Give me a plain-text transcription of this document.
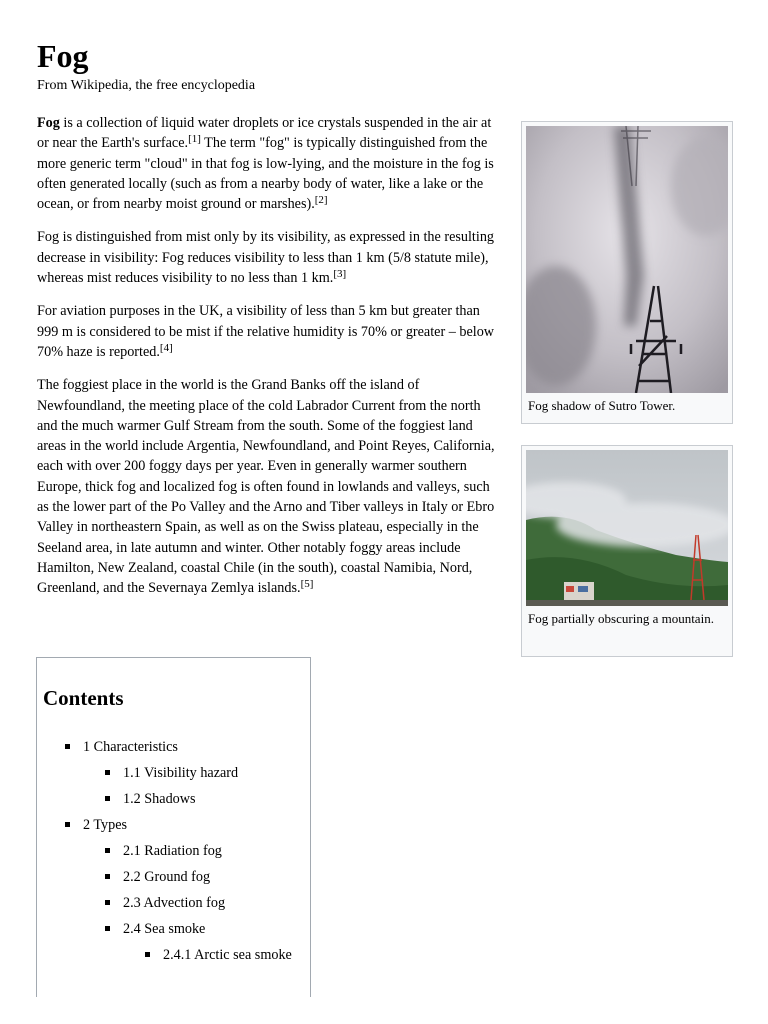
Fog
From Wikipedia, the free encyclopedia

Fog is a collection of liquid water droplets or ice crystals suspended in the air at or near the Earth's surface.[1] The term "fog" is typically distinguished from the more generic term "cloud" in that fog is low-lying, and the moisture in the fog is often generated locally (such as from a nearby body of water, like a lake or the ocean, or from nearby moist ground or marshes).[2]

Fog is distinguished from mist only by its visibility, as expressed in the resulting decrease in visibility: Fog reduces visibility to less than 1 km (5/8 statute mile), whereas mist reduces visibility to no less than 1 km.[3]

For aviation purposes in the UK, a visibility of less than 5 km but greater than 999 m is considered to be mist if the relative humidity is 70% or greater – below 70% haze is reported.[4]

The foggiest place in the world is the Grand Banks off the island of Newfoundland, the meeting place of the cold Labrador Current from the north and the much warmer Gulf Stream from the south. Some of the foggiest land areas in the world include Argentia, Newfoundland, and Point Reyes, California, each with over 200 foggy days per year. Even in generally warmer southern Europe, thick fog and localized fog is often found in lowlands and valleys, such as the lower part of the Po Valley and the Arno and Tiber valleys in Italy or Ebro Valley in northeastern Spain, as well as on the Swiss plateau, especially in the Seeland area, in late autumn and winter. Other notably foggy areas include Hamilton, New Zealand, coastal Chile (in the south), coastal Namibia, Nord, Greenland, and the Severnaya Zemlya islands.[5]

Fog shadow of Sutro Tower.
Fog partially obscuring a mountain.
Contents
1 Characteristics
1.1 Visibility hazard
1.2 Shadows
2 Types
2.1 Radiation fog
2.2 Ground fog
2.3 Advection fog
2.4 Sea smoke
2.4.1 Arctic sea smoke
